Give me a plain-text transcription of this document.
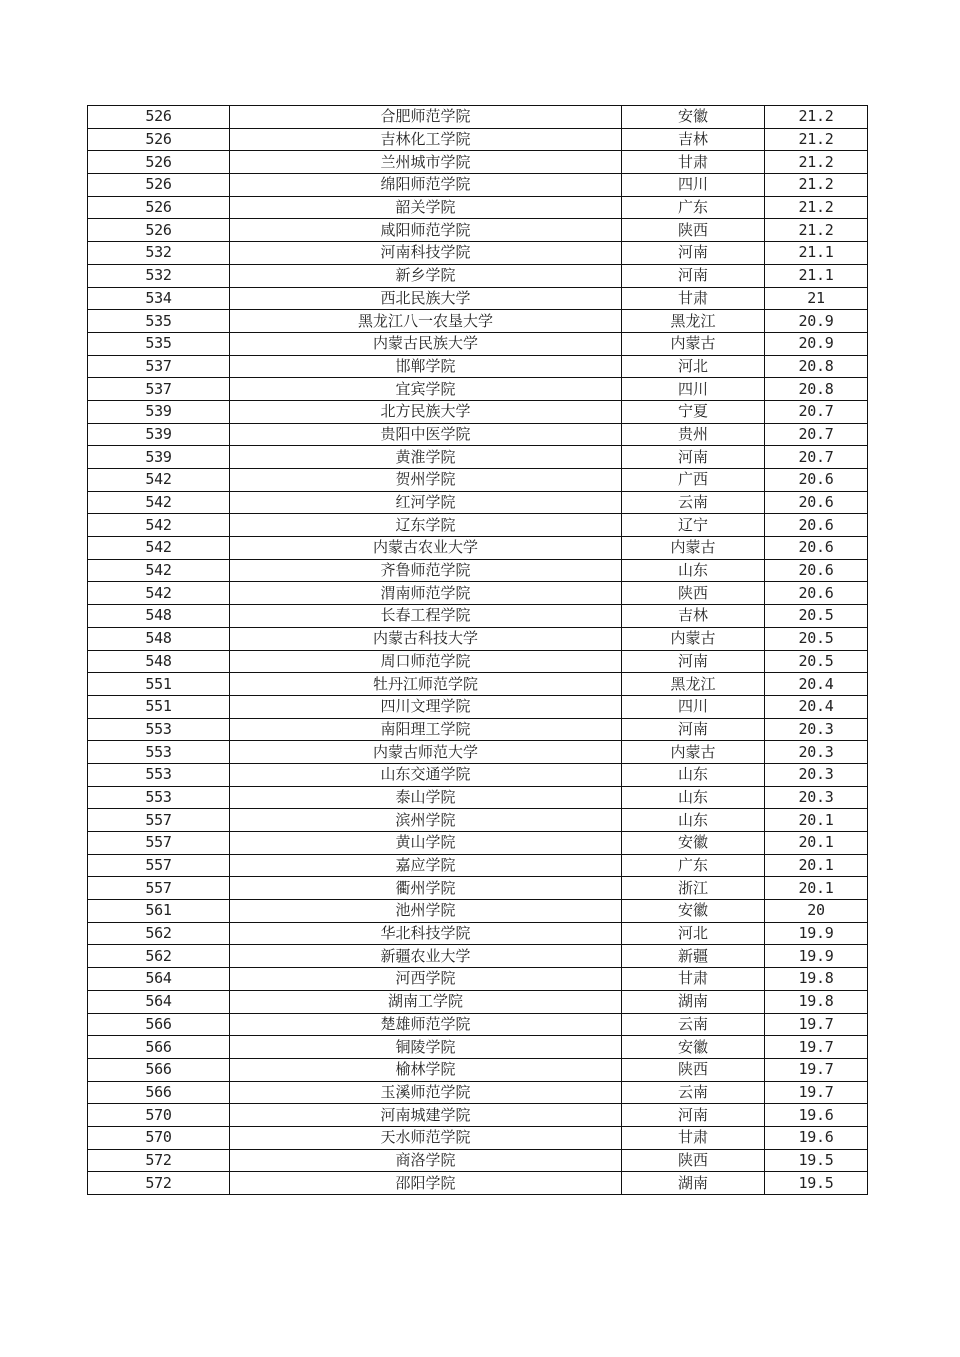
526	合肥师范学院	安徽	21.2
526	吉林化工学院	吉林	21.2
526	兰州城市学院	甘肃	21.2
526	绵阳师范学院	四川	21.2
526	韶关学院	广东	21.2
526	咸阳师范学院	陕西	21.2
532	河南科技学院	河南	21.1
532	新乡学院	河南	21.1
534	西北民族大学	甘肃	21
535	黑龙江八一农垦大学	黑龙江	20.9
535	内蒙古民族大学	内蒙古	20.9
537	邯郸学院	河北	20.8
537	宜宾学院	四川	20.8
539	北方民族大学	宁夏	20.7
539	贵阳中医学院	贵州	20.7
539	黄淮学院	河南	20.7
542	贺州学院	广西	20.6
542	红河学院	云南	20.6
542	辽东学院	辽宁	20.6
542	内蒙古农业大学	内蒙古	20.6
542	齐鲁师范学院	山东	20.6
542	渭南师范学院	陕西	20.6
548	长春工程学院	吉林	20.5
548	内蒙古科技大学	内蒙古	20.5
548	周口师范学院	河南	20.5
551	牡丹江师范学院	黑龙江	20.4
551	四川文理学院	四川	20.4
553	南阳理工学院	河南	20.3
553	内蒙古师范大学	内蒙古	20.3
553	山东交通学院	山东	20.3
553	泰山学院	山东	20.3
557	滨州学院	山东	20.1
557	黄山学院	安徽	20.1
557	嘉应学院	广东	20.1
557	衢州学院	浙江	20.1
561	池州学院	安徽	20
562	华北科技学院	河北	19.9
562	新疆农业大学	新疆	19.9
564	河西学院	甘肃	19.8
564	湖南工学院	湖南	19.8
566	楚雄师范学院	云南	19.7
566	铜陵学院	安徽	19.7
566	榆林学院	陕西	19.7
566	玉溪师范学院	云南	19.7
570	河南城建学院	河南	19.6
570	天水师范学院	甘肃	19.6
572	商洛学院	陕西	19.5
572	邵阳学院	湖南	19.5
